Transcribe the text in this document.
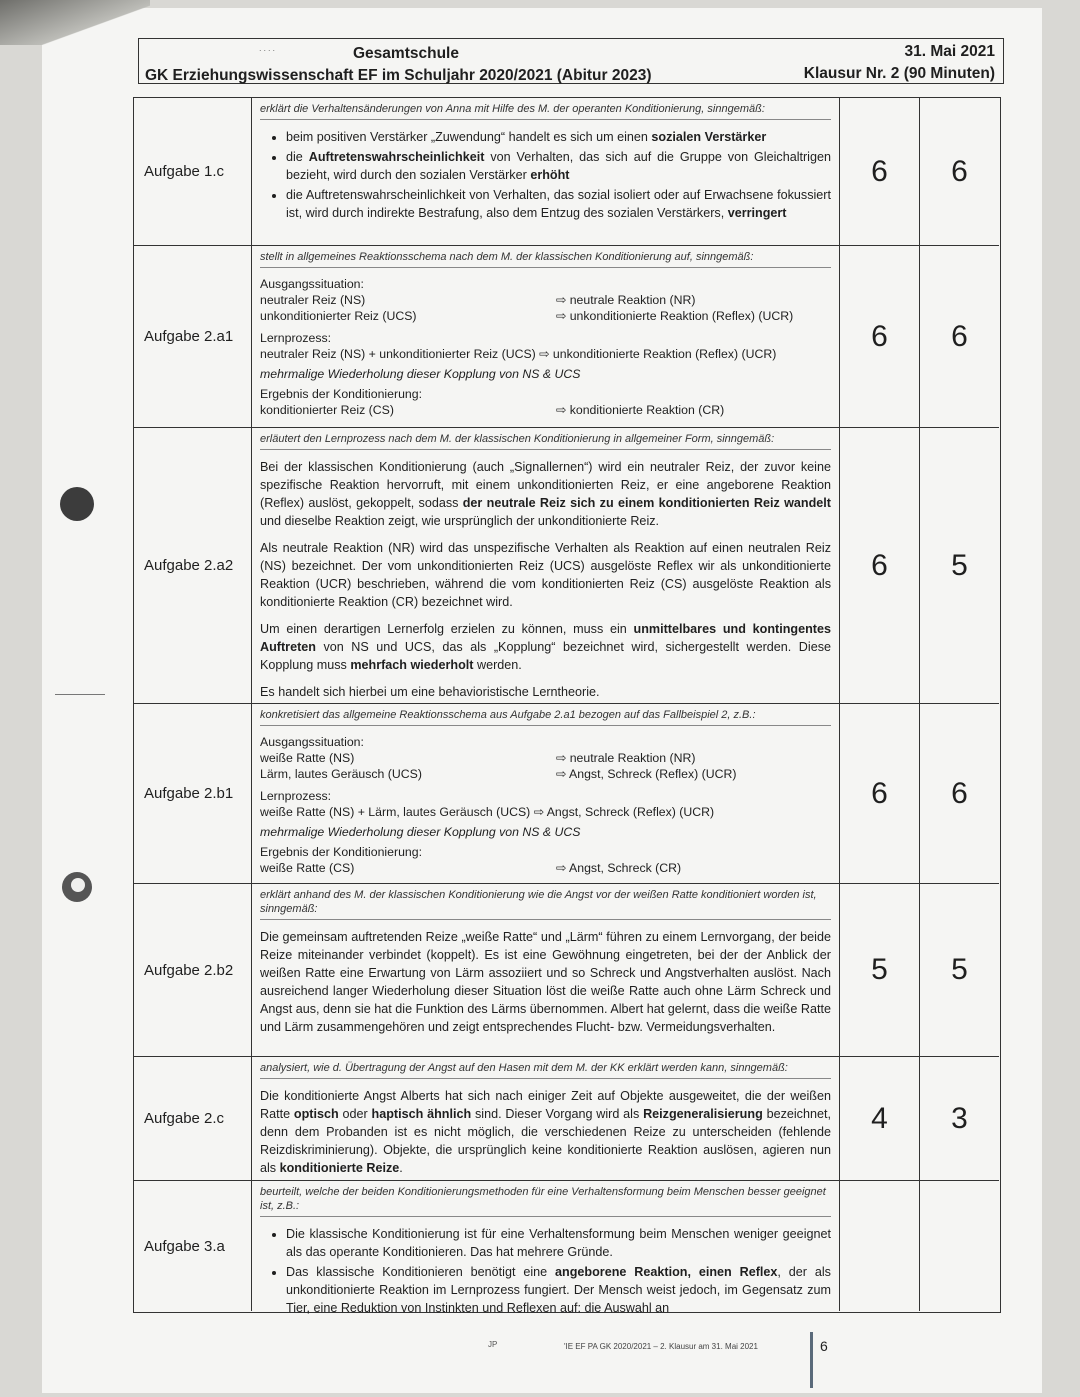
....	Gesamtschule
GK Erziehungswissenschaft EF im Schuljahr 2020/2021 (Abitur 2023)
31. Mai 2021
Klausur Nr. 2 (90 Minuten)
Aufgabe 1.c
erklärt die Verhaltensänderungen von Anna mit Hilfe des M. der operanten Konditionierung, sinngemäß:
• beim positiven Verstärker „Zuwendung“ handelt es sich um einen sozialen Verstärker
• die Auftretenswahrscheinlichkeit von Verhalten, das sich auf die Gruppe von Gleichaltrigen bezieht, wird durch den sozialen Verstärker erhöht
• die Auftretenswahrscheinlichkeit von Verhalten, das sozial isoliert oder auf Erwachsene fokussiert ist, wird durch indirekte Bestrafung, also dem Entzug des sozialen Verstärkers, verringert
6	6
Aufgabe 2.a1
stellt in allgemeines Reaktionsschema nach dem M. der klassischen Konditionierung auf, sinngemäß:
Ausgangssituation:
neutraler Reiz (NS)	⇨ neutrale Reaktion (NR)
unkonditionierter Reiz (UCS)	⇨ unkonditionierte Reaktion (Reflex) (UCR)
Lernprozess:
neutraler Reiz (NS) + unkonditionierter Reiz (UCS) ⇨ unkonditionierte Reaktion (Reflex) (UCR)
mehrmalige Wiederholung dieser Kopplung von NS & UCS
Ergebnis der Konditionierung:
konditionierter Reiz (CS)	⇨ konditionierte Reaktion (CR)
6	6
Aufgabe 2.a2
erläutert den Lernprozess nach dem M. der klassischen Konditionierung in allgemeiner Form, sinngemäß:
Bei der klassischen Konditionierung (auch „Signallernen“) wird ein neutraler Reiz, der zuvor keine spezifische Reaktion hervorruft, mit einem unkonditionierten Reiz, er eine angeborene Reaktion (Reflex) auslöst, gekoppelt, sodass der neutrale Reiz sich zu einem konditionierten Reiz wandelt und dieselbe Reaktion zeigt, wie ursprünglich der unkonditionierte Reiz.
Als neutrale Reaktion (NR) wird das unspezifische Verhalten als Reaktion auf einen neutralen Reiz (NS) bezeichnet. Der vom unkonditionierten Reiz (UCS) ausgelöste Reflex wir als unkonditionierte Reaktion (UCR) beschrieben, während die vom konditionierten Reiz (CS) ausgelöste Reaktion als konditionierte Reaktion (CR) bezeichnet wird.
Um einen derartigen Lernerfolg erzielen zu können, muss ein unmittelbares und kontingentes Auftreten von NS und UCS, das als „Kopplung“ bezeichnet wird, sichergestellt werden. Diese Kopplung muss mehrfach wiederholt werden.
Es handelt sich hierbei um eine behavioristische Lerntheorie.
6	5
Aufgabe 2.b1
konkretisiert das allgemeine Reaktionsschema aus Aufgabe 2.a1 bezogen auf das Fallbeispiel 2, z.B.:
Ausgangssituation:
weiße Ratte (NS)	⇨ neutrale Reaktion (NR)
Lärm, lautes Geräusch (UCS)	⇨ Angst, Schreck (Reflex) (UCR)
Lernprozess:
weiße Ratte (NS) + Lärm, lautes Geräusch (UCS) ⇨ Angst, Schreck (Reflex) (UCR)
mehrmalige Wiederholung dieser Kopplung von NS & UCS
Ergebnis der Konditionierung:
weiße Ratte (CS)	⇨ Angst, Schreck (CR)
6	6
Aufgabe 2.b2
erklärt anhand des M. der klassischen Konditionierung wie die Angst vor der weißen Ratte konditioniert worden ist, sinngemäß:
Die gemeinsam auftretenden Reize „weiße Ratte“ und „Lärm“ führen zu einem Lernvorgang, der beide Reize miteinander verbindet (koppelt). Es ist eine Gewöhnung eingetreten, bei der der Anblick der weißen Ratte eine Erwartung von Lärm assoziiert und so Schreck und Angstverhalten auslöst. Nach ausreichend langer Wiederholung dieser Situation löst die weiße Ratte auch ohne Lärm Schreck und Angst aus, denn sie hat die Funktion des Lärms übernommen. Albert hat gelernt, dass die weiße Ratte und Lärm zusammengehören und zeigt entsprechendes Flucht- bzw. Vermeidungsverhalten.
5	5
Aufgabe 2.c
analysiert, wie d. Übertragung der Angst auf den Hasen mit dem M. der KK erklärt werden kann, sinngemäß:
Die konditionierte Angst Alberts hat sich nach einiger Zeit auf Objekte ausgeweitet, die der weißen Ratte optisch oder haptisch ähnlich sind. Dieser Vorgang wird als Reizgeneralisierung bezeichnet, denn dem Probanden ist es nicht möglich, die verschiedenen Reize zu unterscheiden (fehlende Reizdiskriminierung). Objekte, die ursprünglich keine konditionierte Reaktion auslösen, agieren nun als konditionierte Reize.
4	3
Aufgabe 3.a
beurteilt, welche der beiden Konditionierungsmethoden für eine Verhaltensformung beim Menschen besser geeignet ist, z.B.:
• Die klassische Konditionierung ist für eine Verhaltensformung beim Menschen weniger geeignet als das operante Konditionieren. Das hat mehrere Gründe.
• Das klassische Konditionieren benötigt eine angeborene Reaktion, einen Reflex, der als unkonditionierte Reaktion im Lernprozess fungiert. Der Mensch weist jedoch, im Gegensatz zum Tier, eine Reduktion von Instinkten und Reflexen auf: die Auswahl an
JP	'IE EF PA GK 2020/2021 – 2. Klausur am 31. Mai 2021	6
